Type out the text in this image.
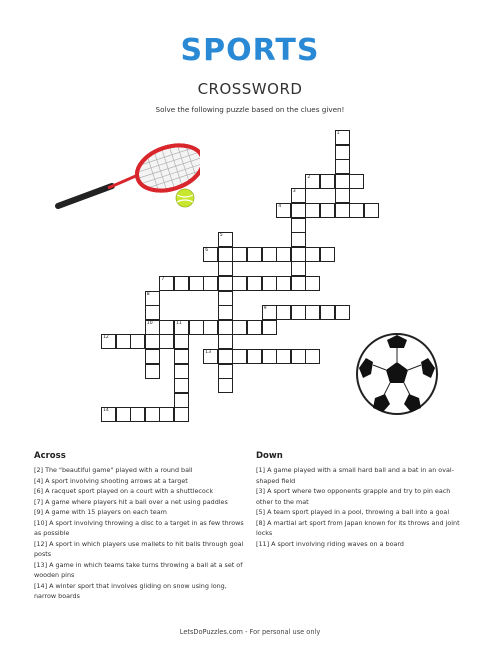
SPORTS
CROSSWORD
Solve the following puzzle based on the clues given!
1
2
3
4
5
6
7
8
10
9
11
12
13
14
Across
[2] The "beautiful game" played with a round ball
[4] A sport involving shooting arrows at a target
[6] A racquet sport played on a court with a shuttlecock
[7] A game where players hit a ball over a net using paddles
[9] A game with 15 players on each team
[10] A sport involving throwing a disc to a target in as few throws as possible
[12] A sport in which players use mallets to hit balls through goal posts
[13] A game in which teams take turns throwing a ball at a set of wooden pins
[14] A winter sport that involves gliding on snow using long, narrow boards
Down
[1] A game played with a small hard ball and a bat in an oval-shaped field
[3] A sport where two opponents grapple and try to pin each other to the mat
[5] A team sport played in a pool, throwing a ball into a goal
[8] A martial art sport from Japan known for its throws and joint locks
[11] A sport involving riding waves on a board
LetsDoPuzzles.com - For personal use only
